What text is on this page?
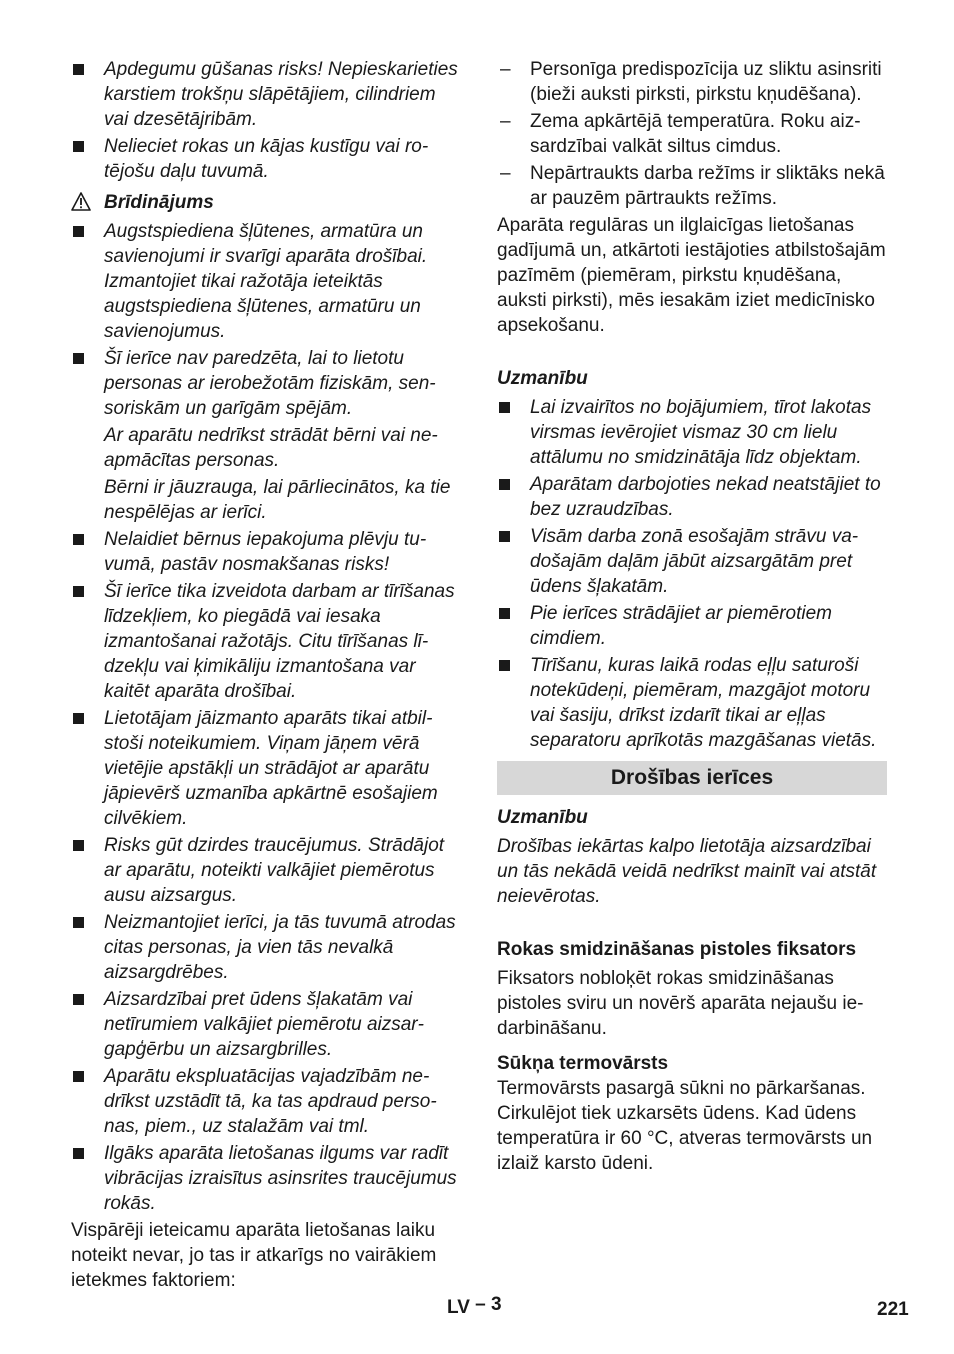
Apdegumu gūšanas risks! Nepieskarieties karstiem trokšņu slāpētājiem, cilindriem vai dzesētājribām.
Nelieciet rokas un kājas kustīgu vai rotējošu daļu tuvumā.
Brīdinājums
Augstspiediena šļūtenes, armatūra un savienojumi ir svarīgi aparāta drošībai. Izmantojiet tikai ražotāja ieteiktās augstspiediena šļūtenes, armatūru un savienojumus.
Šī ierīce nav paredzēta, lai to lietotu personas ar ierobežotām fiziskām, sensoriskām un garīgām spējām.
Ar aparātu nedrīkst strādāt bērni vai neapmācītas personas.
Bērni ir jāuzrauga, lai pārliecinātos, ka tie nespēlējas ar ierīci.
Nelaidiet bērnus iepakojuma plēvju tuvumā, pastāv nosmakšanas risks!
Šī ierīce tika izveidota darbam ar tīrīšanas līdzekļiem, ko piegādā vai iesaka izmantošanai ražotājs. Citu tīrīšanas līdzekļu vai ķimikāliju izmantošana var kaitēt aparāta drošībai.
Lietotājam jāizmanto aparāts tikai atbilstoši noteikumiem. Viņam jāņem vērā vietējie apstākļi un strādājot ar aparātu jāpievērš uzmanība apkārtnē esošajiem cilvēkiem.
Risks gūt dzirdes traucējumus. Strādājot ar aparātu, noteikti valkājiet piemērotus ausu aizsargus.
Neizmantojiet ierīci, ja tās tuvumā atrodas citas personas, ja vien tās nevalkā aizsargdrēbes.
Aizsardzībai pret ūdens šļakatām vai netīrumiem valkājiet piemērotu aizsargapģērbu un aizsargbrilles.
Aparātu ekspluatācijas vajadzībām nedrīkst uzstādīt tā, ka tas apdraud personas, piem., uz stalažām vai tml.
Ilgāks aparāta lietošanas ilgums var radīt vibrācijas izraisītus asinsrites traucējumus rokās.

Vispārēji ieteicamu aparāta lietošanas laiku noteikt nevar, jo tas ir atkarīgs no vairākiem ietekmes faktoriem:

– Personīga predispozīcija uz sliktu asinsriti (bieži auksti pirksti, pirkstu kņudēšana).
– Zema apkārtējā temperatūra. Roku aizsardzībai valkāt siltus cimdus.
– Nepārtraukts darba režīms ir sliktāks nekā ar pauzēm pārtraukts režīms.

Aparāta regulāras un ilglaicīgas lietošanas gadījumā un, atkārtoti iestājoties atbilstošajām pazīmēm (piemēram, pirkstu kņudēšana, auksti pirksti), mēs iesakām iziet medicīnisko apsekošanu.

Uzmanību
Lai izvairītos no bojājumiem, tīrot lakotas virsmas ievērojiet vismaz 30 cm lielu attālumu no smidzinātāja līdz objektam.
Aparātam darbojoties nekad neatstājiet to bez uzraudzības.
Visām darba zonā esošajām strāvu vadošajām daļām jābūt aizsargātām pret ūdens šļakatām.
Pie ierīces strādājiet ar piemērotiem cimdiem.
Tīrīšanu, kuras laikā rodas eļļu saturoši notekūdeņi, piemēram, mazgājot motoru vai šasiju, drīkst izdarīt tikai ar eļļas separatoru aprīkotās mazgāšanas vietās.
Drošības ierīces
Uzmanību

Drošības iekārtas kalpo lietotāja aizsardzībai un tās nekādā veidā nedrīkst mainīt vai atstāt neievērotas.

Rokas smidzināšanas pistoles fiksators

Fiksators nobloķēt rokas smidzināšanas pistoles sviru un novērš aparāta nejaušu iedarbināšanu.

Sūkņa termovārsts

Termovārsts pasargā sūkni no pārkaršanas.

Cirkulējot tiek uzkarsēts ūdens. Kad ūdens temperatūra ir 60 °C, atveras termovārsts un izlaiž karsto ūdeni.

LV – 3	221
